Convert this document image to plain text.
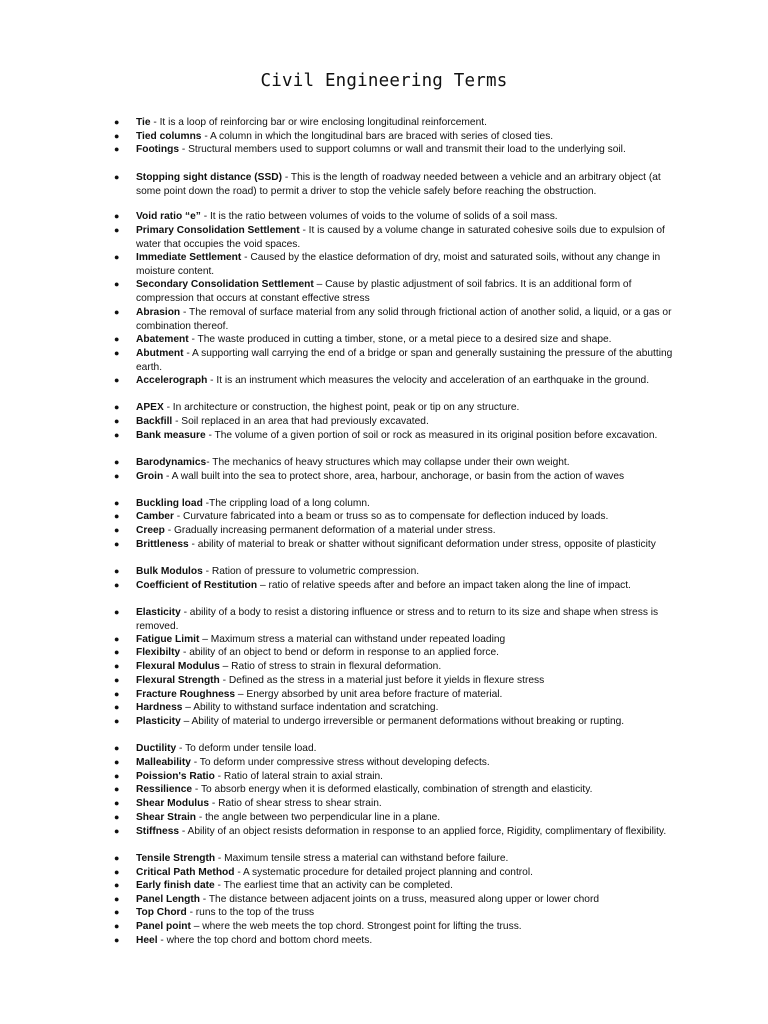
Civil Engineering Terms
● Tie - It is a loop of reinforcing bar or wire enclosing longitudinal reinforcement.
● Tied columns - A column in which the longitudinal bars are braced with series of closed ties.
● Footings - Structural members used to support columns or wall and transmit their load to the underlying soil.
● Stopping sight distance (SSD) - This is the length of roadway needed between a vehicle and an arbitrary object (at some point down the road) to permit a driver to stop the vehicle safely before reaching the obstruction.
● Void ratio “e” - It is the ratio between volumes of voids to the volume of solids of a soil mass.
● Primary Consolidation Settlement - It is caused by a volume change in saturated cohesive soils due to expulsion of water that occupies the void spaces.
● Immediate Settlement - Caused by the elastice deformation of dry, moist and saturated soils, without any change in moisture content.
● Secondary Consolidation Settlement – Cause by plastic adjustment of soil fabrics. It is an additional form of compression that occurs at constant effective stress
● Abrasion - The removal of surface material from any solid through frictional action of another solid, a liquid, or a gas or combination thereof.
● Abatement - The waste produced in cutting a timber, stone, or a metal piece to a desired size and shape.
● Abutment - A supporting wall carrying the end of a bridge or span and generally sustaining the pressure of the abutting earth.
● Accelerograph - It is an instrument which measures the velocity and acceleration of an earthquake in the ground.
● APEX - In architecture or construction, the highest point, peak or tip on any structure.
● Backfill - Soil replaced in an area that had previously excavated.
● Bank measure - The volume of a given portion of soil or rock as measured in its original position before excavation.
● Barodynamics- The mechanics of heavy structures which may collapse under their own weight.
● Groin - A wall built into the sea to protect shore, area, harbour, anchorage, or basin from the action of waves
● Buckling load -The crippling load of a long column.
● Camber - Curvature fabricated into a beam or truss so as to compensate for deflection induced by loads.
● Creep - Gradually increasing permanent deformation of a material under stress.
● Brittleness - ability of material to break or shatter without significant deformation under stress, opposite of plasticity
● Bulk Modulos - Ration of pressure to volumetric compression.
● Coefficient of Restitution – ratio of relative speeds after and before an impact taken along the line of impact.
● Elasticity - ability of a body to resist a distoring influence or stress and to return to its size and shape when stress is removed.
● Fatigue Limit – Maximum stress a material can withstand under repeated loading
● Flexibilty - ability of an object to bend or deform in response to an applied force.
● Flexural Modulus – Ratio of stress to strain in flexural deformation.
● Flexural Strength - Defined as the stress in a material just before it yields in flexure stress
● Fracture Roughness – Energy absorbed by unit area before fracture of material.
● Hardness – Ability to withstand surface indentation and scratching.
● Plasticity – Ability of material to undergo irreversible or permanent deformations without breaking or rupting.
● Ductility - To deform under tensile load.
● Malleability - To deform under compressive stress without developing defects.
● Poission's Ratio - Ratio of lateral strain to axial strain.
● Ressilience - To absorb energy when it is deformed elastically, combination of strength and elasticity.
● Shear Modulus - Ratio of shear stress to shear strain.
● Shear Strain - the angle between two perpendicular line in a plane.
● Stiffness - Ability of an object resists deformation in response to an applied force, Rigidity, complimentary of flexibility.
● Tensile Strength - Maximum tensile stress a material can withstand before failure.
● Critical Path Method - A systematic procedure for detailed project planning and control.
● Early finish date - The earliest time that an activity can be completed.
● Panel Length - The distance between adjacent joints on a truss, measured along upper or lower chord
● Top Chord - runs to the top of the truss
● Panel point – where the web meets the top chord. Strongest point for lifting the truss.
● Heel - where the top chord and bottom chord meets.
